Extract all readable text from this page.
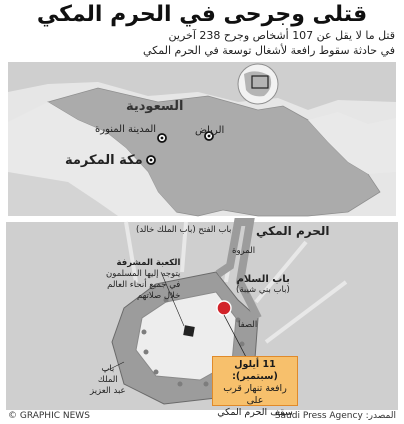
قتلى وجرحى في الحرم المكي
قتل ما لا يقل عن 107 أشخاص وجرح 238 آخرين
في حادثة سقوط رافعة لأشغال توسعة في الحرم المكي
السعودية
الرياض
المدينة المنورة
مكة المكرمة
الحرم المكي
باب الفتح (باب الملك خالد)
المروة
الكعبة المشرفة
يتوجه إليها المسلمون
في جميع أنحاء العالم
خلال صلاتهم
باب السلام
(باب بني شيبة)
الصفا
باب
الملك
عبد العزيز
11 أيلول (سبتمبر):
رافعة تنهار قرب على
سقف الحرم المكي
© GRAPHIC NEWS	المصدر: Saudi Press Agency
